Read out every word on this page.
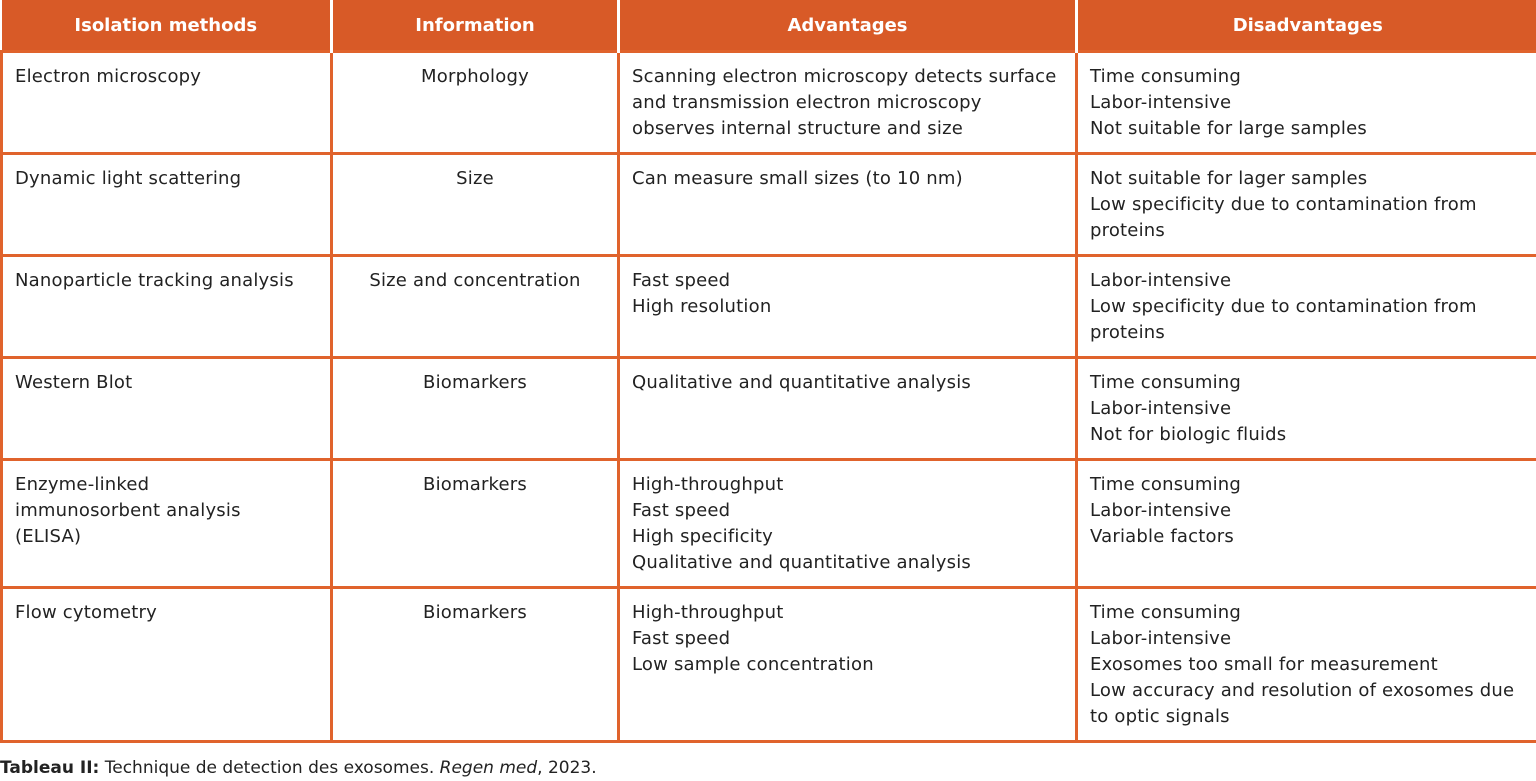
Isolation methods	Information	Advantages	Disadvantages

Electron microscopy	Morphology	Scanning electron microscopy detects surface
and transmission electron microscopy
observes internal structure and size	Time consuming
Labor-intensive
Not suitable for large samples

Dynamic light scattering	Size	Can measure small sizes (to 10 nm)	Not suitable for lager samples
Low specificity due to contamination from
proteins

Nanoparticle tracking analysis	Size and concentration	Fast speed
High resolution	Labor-intensive
Low specificity due to contamination from
proteins

Western Blot	Biomarkers	Qualitative and quantitative analysis	Time consuming
Labor-intensive
Not for biologic fluids

Enzyme-linked
immunosorbent analysis
(ELISA)	Biomarkers	High-throughput
Fast speed
High specificity
Qualitative and quantitative analysis	Time consuming
Labor-intensive
Variable factors

Flow cytometry	Biomarkers	High-throughput
Fast speed
Low sample concentration	Time consuming
Labor-intensive
Exosomes too small for measurement
Low accuracy and resolution of exosomes due
to optic signals
Tableau II: Technique de detection des exosomes. Regen med, 2023.
